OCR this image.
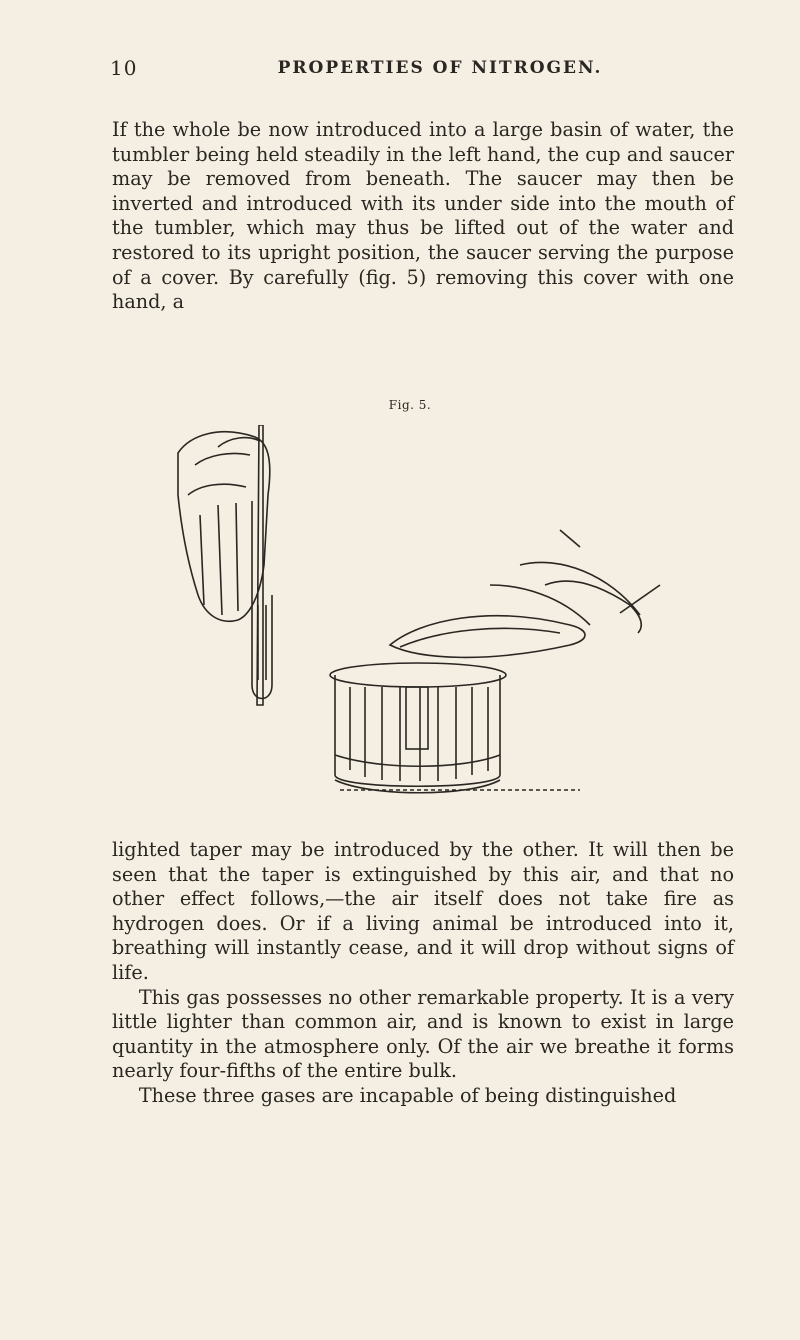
10	PROPERTIES OF NITROGEN.

If the whole be now introduced into a large basin of water, the tumbler being held steadily in the left hand, the cup and saucer may be removed from beneath. The saucer may then be inverted and introduced with its under side into the mouth of the tumbler, which may thus be lifted out of the water and restored to its upright position, the saucer serving the purpose of a cover. By carefully (fig. 5) removing this cover with one hand, a

Fig. 5.

lighted taper may be introduced by the other. It will then be seen that the taper is extinguished by this air, and that no other effect follows,—the air itself does not take fire as hydrogen does. Or if a living animal be introduced into it, breathing will instantly cease, and it will drop without signs of life.

This gas possesses no other remarkable property. It is a very little lighter than common air, and is known to exist in large quantity in the atmosphere only. Of the air we breathe it forms nearly four-fifths of the entire bulk.

These three gases are incapable of being distinguished
